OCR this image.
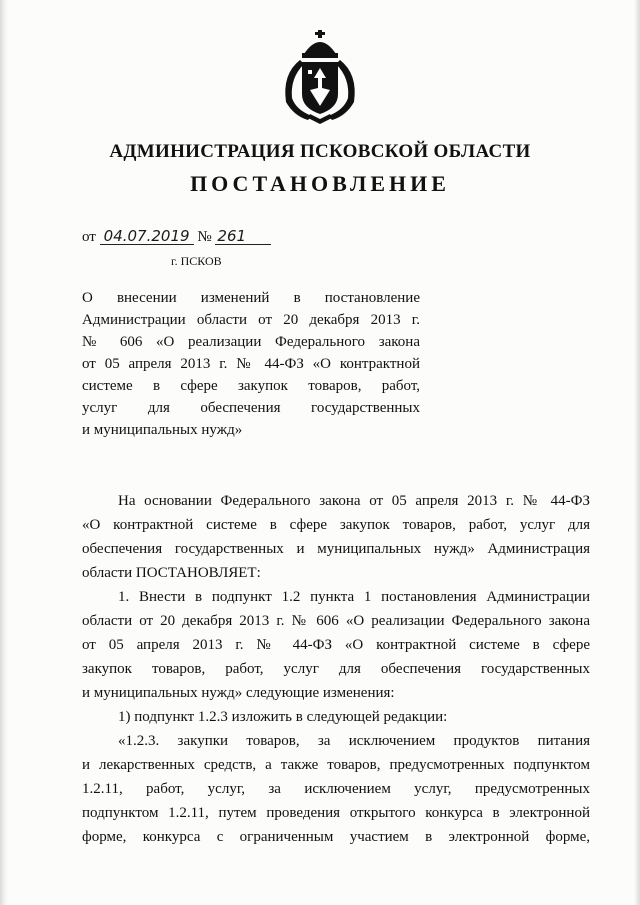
АДМИНИСТРАЦИЯ ПСКОВСКОЙ ОБЛАСТИ
ПОСТАНОВЛЕНИЕ
от 04.07.2019 № 261
г. ПСКОВ
О внесении изменений в постановление
Администрации области от 20 декабря 2013 г.
№ 606 «О реализации Федерального закона
от 05 апреля 2013 г. № 44-ФЗ «О контрактной
системе в сфере закупок товаров, работ,
услуг для обеспечения государственных
и муниципальных нужд»
На основании Федерального закона от 05 апреля 2013 г. № 44-ФЗ
«О контрактной системе в сфере закупок товаров, работ, услуг для
обеспечения государственных и муниципальных нужд» Администрация
области ПОСТАНОВЛЯЕТ:
1. Внести в подпункт 1.2 пункта 1 постановления Администрации
области от 20 декабря 2013 г. № 606 «О реализации Федерального закона
от 05 апреля 2013 г. № 44-ФЗ «О контрактной системе в сфере
закупок товаров, работ, услуг для обеспечения государственных
и муниципальных нужд» следующие изменения:
1) подпункт 1.2.3 изложить в следующей редакции:
«1.2.3. закупки товаров, за исключением продуктов питания
и лекарственных средств, а также товаров, предусмотренных подпунктом
1.2.11, работ, услуг, за исключением услуг, предусмотренных
подпунктом 1.2.11, путем проведения открытого конкурса в электронной
форме, конкурса с ограниченным участием в электронной форме,
